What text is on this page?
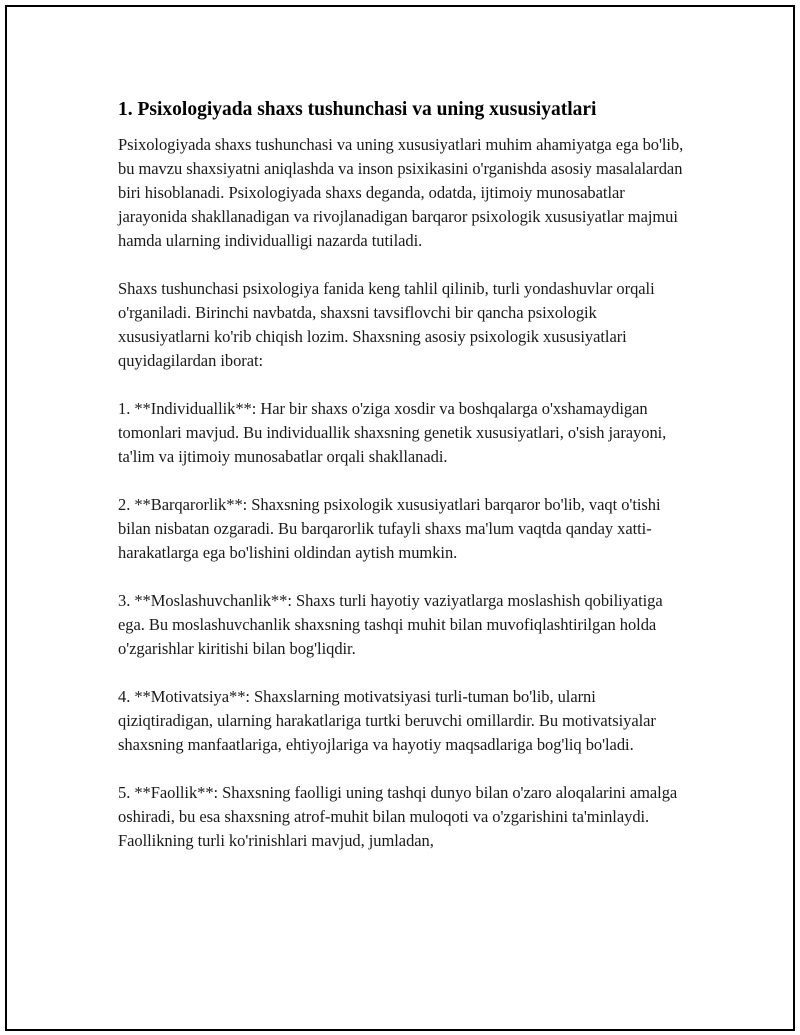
1. Psixologiyada shaxs tushunchasi va uning xususiyatlari

Psixologiyada shaxs tushunchasi va uning xususiyatlari muhim ahamiyatga ega bo'lib, bu mavzu shaxsiyatni aniqlashda va inson psixikasini o'rganishda asosiy masalalardan biri hisoblanadi. Psixologiyada shaxs deganda, odatda, ijtimoiy munosabatlar jarayonida shakllanadigan va rivojlanadigan barqaror psixologik xususiyatlar majmui hamda ularning individualligi nazarda tutiladi.

Shaxs tushunchasi psixologiya fanida keng tahlil qilinib, turli yondashuvlar orqali o'rganiladi. Birinchi navbatda, shaxsni tavsiflovchi bir qancha psixologik xususiyatlarni ko'rib chiqish lozim. Shaxsning asosiy psixologik xususiyatlari quyidagilardan iborat:

1. **Individuallik**: Har bir shaxs o'ziga xosdir va boshqalarga o'xshamaydigan tomonlari mavjud. Bu individuallik shaxsning genetik xususiyatlari, o'sish jarayoni, ta'lim va ijtimoiy munosabatlar orqali shakllanadi.

2. **Barqarorlik**: Shaxsning psixologik xususiyatlari barqaror bo'lib, vaqt o'tishi bilan nisbatan ozgaradi. Bu barqarorlik tufayli shaxs ma'lum vaqtda qanday xatti-harakatlarga ega bo'lishini oldindan aytish mumkin.

3. **Moslashuvchanlik**: Shaxs turli hayotiy vaziyatlarga moslashish qobiliyatiga ega. Bu moslashuvchanlik shaxsning tashqi muhit bilan muvofiqlashtirilgan holda o'zgarishlar kiritishi bilan bog'liqdir.

4. **Motivatsiya**: Shaxslarning motivatsiyasi turli-tuman bo'lib, ularni qiziqtiradigan, ularning harakatlariga turtki beruvchi omillardir. Bu motivatsiyalar shaxsning manfaatlariga, ehtiyojlariga va hayotiy maqsadlariga bog'liq bo'ladi.

5. **Faollik**: Shaxsning faolligi uning tashqi dunyo bilan o'zaro aloqalarini amalga oshiradi, bu esa shaxsning atrof-muhit bilan muloqoti va o'zgarishini ta'minlaydi. Faollikning turli ko'rinishlari mavjud, jumladan,
